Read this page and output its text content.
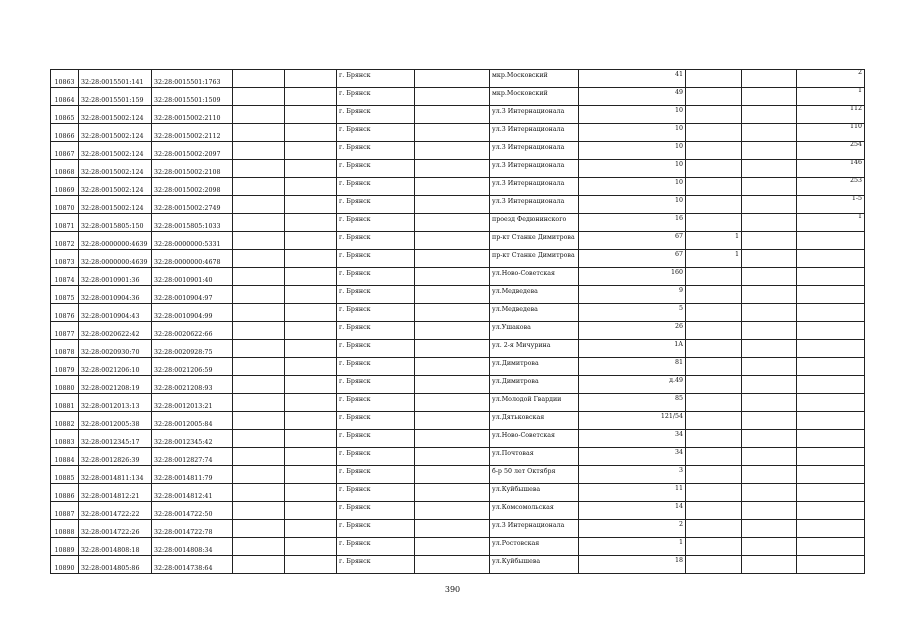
10863	32:28:0015501:141	32:28:0015501:1763			г. Брянск		мкр.Московский	41			2
10864	32:28:0015501:159	32:28:0015501:1509			г. Брянск		мкр.Московский	49			1
10865	32:28:0015002:124	32:28:0015002:2110			г. Брянск		ул.3 Интернационала	10			112
10866	32:28:0015002:124	32:28:0015002:2112			г. Брянск		ул.3 Интернационала	10			110
10867	32:28:0015002:124	32:28:0015002:2097			г. Брянск		ул.3 Интернационала	10			254
10868	32:28:0015002:124	32:28:0015002:2108			г. Брянск		ул.3 Интернационала	10			146
10869	32:28:0015002:124	32:28:0015002:2098			г. Брянск		ул.3 Интернационала	10			253
10870	32:28:0015002:124	32:28:0015002:2749			г. Брянск		ул.3 Интернационала	10			1-5
10871	32:28:0015805:150	32:28:0015805:1033			г. Брянск		проезд Федюнинского	16			1
10872	32:28:0000000:4639	32:28:0000000:5331			г. Брянск		пр-кт Станке Димитрова	67	1		
10873	32:28:0000000:4639	32:28:0000000:4678			г. Брянск		пр-кт Станке Димитрова	67	1		
10874	32:28:0010901:36	32:28:0010901:40			г. Брянск		ул.Ново-Советская	160			
10875	32:28:0010904:36	32:28:0010904:97			г. Брянск		ул.Медведева	9			
10876	32:28:0010904:43	32:28:0010904:99			г. Брянск		ул.Медведева	5			
10877	32:28:0020622:42	32:28:0020622:66			г. Брянск		ул.Ушакова	26			
10878	32:28:0020930:70	32:28:0020928:75			г. Брянск		ул. 2-я Мичурина	1А			
10879	32:28:0021206:10	32:28:0021206:59			г. Брянск		ул.Димитрова	81			
10880	32:28:0021208:19	32:28:0021208:93			г. Брянск		ул.Димитрова	д.49			
10881	32:28:0012013:13	32:28:0012013:21			г. Брянск		ул.Молодой Гвардии	85			
10882	32:28:0012005:38	32:28:0012005:84			г. Брянск		ул.Дятьковская	121/54			
10883	32:28:0012345:17	32:28:0012345:42			г. Брянск		ул.Ново-Советская	34			
10884	32:28:0012826:39	32:28:0012827:74			г. Брянск		ул.Почтовая	34			
10885	32:28:0014811:134	32:28:0014811:79			г. Брянск		б-р 50 лет Октября	3			
10886	32:28:0014812:21	32:28:0014812:41			г. Брянск		ул.Куйбышева	11			
10887	32:28:0014722:22	32:28:0014722:50			г. Брянск		ул.Комсомольская	14			
10888	32:28:0014722:26	32:28:0014722:78			г. Брянск		ул.3 Интернационала	2			
10889	32:28:0014808:18	32:28:0014808:34			г. Брянск		ул.Ростовская	1			
10890	32:28:0014805:86	32:28:0014738:64			г. Брянск		ул.Куйбышева	18			
390
